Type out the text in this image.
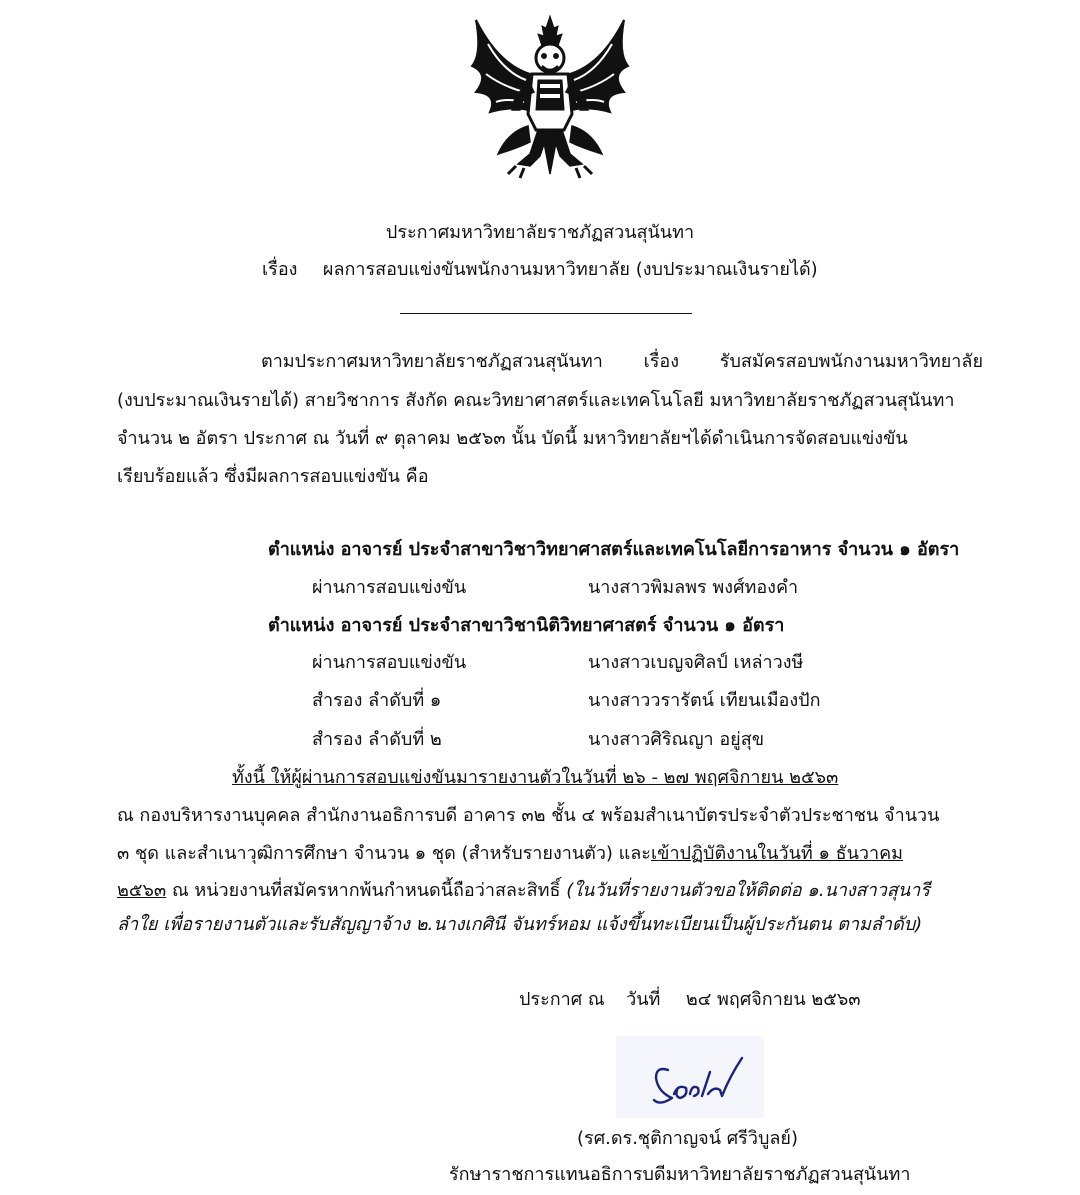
ประกาศมหาวิทยาลัยราชภัฏสวนสุนันทา
เรื่อง ผลการสอบแข่งขันพนักงานมหาวิทยาลัย (งบประมาณเงินรายได้)
ตามประกาศมหาวิทยาลัยราชภัฏสวนสุนันทา เรื่อง รับสมัครสอบพนักงานมหาวิทยาลัย
(งบประมาณเงินรายได้) สายวิชาการ สังกัด คณะวิทยาศาสตร์และเทคโนโลยี มหาวิทยาลัยราชภัฏสวนสุนันทา
จำนวน ๒ อัตรา ประกาศ ณ วันที่ ๙ ตุลาคม ๒๕๖๓ นั้น บัดนี้ มหาวิทยาลัยฯได้ดำเนินการจัดสอบแข่งขัน
เรียบร้อยแล้ว ซึ่งมีผลการสอบแข่งขัน คือ
ตำแหน่ง อาจารย์ ประจำสาขาวิชาวิทยาศาสตร์และเทคโนโลยีการอาหาร จำนวน ๑ อัตรา
ผ่านการสอบแข่งขัน	นางสาวพิมลพร พงศ์ทองคำ
ตำแหน่ง อาจารย์ ประจำสาขาวิชานิติวิทยาศาสตร์ จำนวน ๑ อัตรา
ผ่านการสอบแข่งขัน	นางสาวเบญจศิลป์ เหล่าวงษี
สำรอง ลำดับที่ ๑	นางสาววรารัตน์ เทียนเมืองปัก
สำรอง ลำดับที่ ๒	นางสาวศิริณญา อยู่สุข
ทั้งนี้ ให้ผู้ผ่านการสอบแข่งขันมารายงานตัวในวันที่ ๒๖ - ๒๗ พฤศจิกายน ๒๕๖๓
ณ กองบริหารงานบุคคล สำนักงานอธิการบดี อาคาร ๓๒ ชั้น ๔ พร้อมสำเนาบัตรประจำตัวประชาชน จำนวน
๓ ชุด และสำเนาวุฒิการศึกษา จำนวน ๑ ชุด (สำหรับรายงานตัว) และเข้าปฏิบัติงานในวันที่ ๑ ธันวาคม
๒๕๖๓ ณ หน่วยงานที่สมัครหากพ้นกำหนดนี้ถือว่าสละสิทธิ์ (ในวันที่รายงานตัวขอให้ติดต่อ ๑.นางสาวสุนารี
ลำใย เพื่อรายงานตัวและรับสัญญาจ้าง ๒.นางเกศินี จันทร์หอม แจ้งขึ้นทะเบียนเป็นผู้ประกันตน ตามลำดับ)
ประกาศ ณ วันที่ ๒๔ พฤศจิกายน ๒๕๖๓
(รศ.ดร.ชุติกาญจน์ ศรีวิบูลย์)
รักษาราชการแทนอธิการบดีมหาวิทยาลัยราชภัฏสวนสุนันทา
